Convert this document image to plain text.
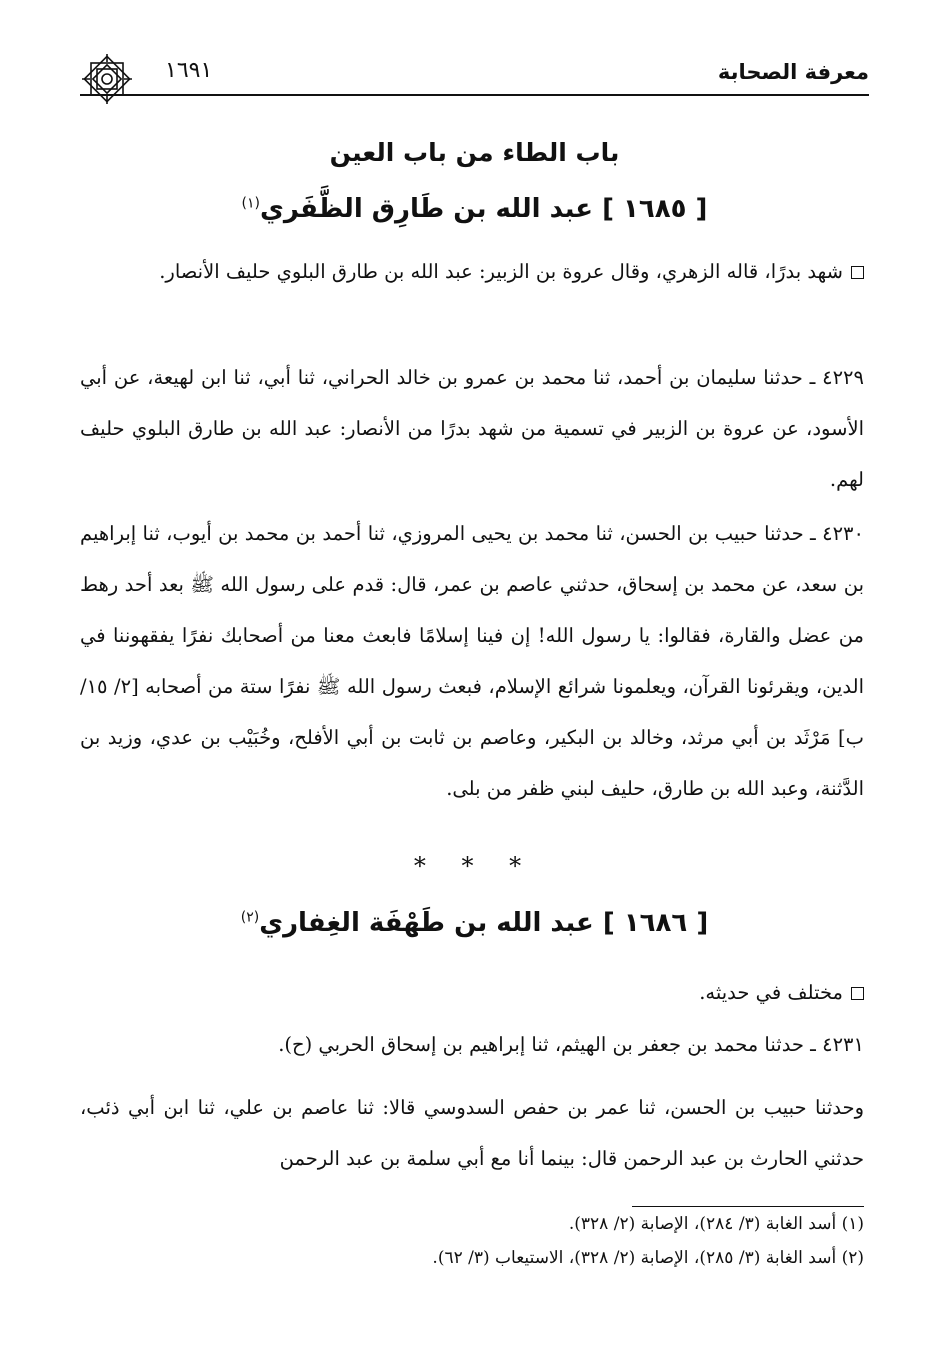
معرفة الصحابة
١٦٩١
باب الطاء من باب العين
[ ١٦٨٥ ] عبد الله بن طَارِق الظَّفَري$^{(١)}$
شهد بدرًا، قاله الزهري، وقال عروة بن الزبير: عبد الله بن طارق البلوي حليف الأنصار.
٤٢٢٩ ـ حدثنا سليمان بن أحمد، ثنا محمد بن عمرو بن خالد الحراني، ثنا أبي، ثنا ابن لهيعة، عن أبي الأسود، عن عروة بن الزبير في تسمية من شهد بدرًا من الأنصار: عبد الله بن طارق البلوي حليف لهم.
٤٢٣٠ ـ حدثنا حبيب بن الحسن، ثنا محمد بن يحيى المروزي، ثنا أحمد بن محمد بن أيوب، ثنا إبراهيم بن سعد، عن محمد بن إسحاق، حدثني عاصم بن عمر، قال: قدم على رسول الله ﷺ بعد أحد رهط من عضل والقارة، فقالوا: يا رسول الله! إن فينا إسلامًا فابعث معنا من أصحابك نفرًا يفقهوننا في الدين، ويقرئونا القرآن، ويعلمونا شرائع الإسلام، فبعث رسول الله ﷺ نفرًا ستة من أصحابه [٢/ ١٥/ ب] مَرْثَد بن أبي مرثد، وخالد بن البكير، وعاصم بن ثابت بن أبي الأفلح، وخُبَيْب بن عدي، وزيد بن الدَّثنة، وعبد الله بن طارق، حليف لبني ظفر من بلى.
* * *
[ ١٦٨٦ ] عبد الله بن طَهْفَة الغِفاري$^{(٢)}$
مختلف في حديثه.
٤٢٣١ ـ حدثنا محمد بن جعفر بن الهيثم، ثنا إبراهيم بن إسحاق الحربي (ح).
وحدثنا حبيب بن الحسن، ثنا عمر بن حفص السدوسي قالا: ثنا عاصم بن علي، ثنا ابن أبي ذئب، حدثني الحارث بن عبد الرحمن قال: بينما أنا مع أبي سلمة بن عبد الرحمن
(١) أسد الغابة (٣/ ٢٨٤)، الإصابة (٢/ ٣٢٨).
(٢) أسد الغابة (٣/ ٢٨٥)، الإصابة (٢/ ٣٢٨)، الاستيعاب (٣/ ٦٢).
